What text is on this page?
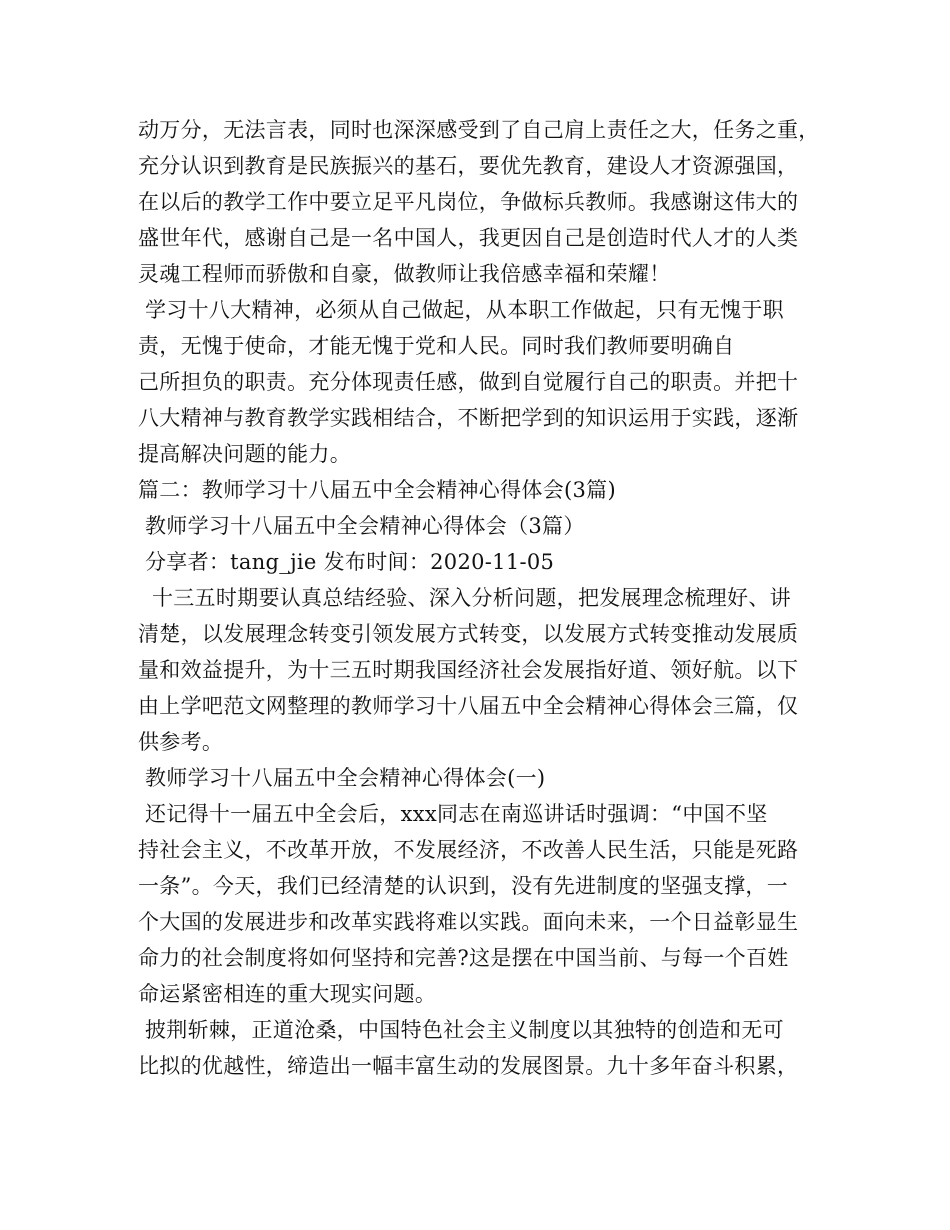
动万分，无法言表，同时也深深感受到了自己肩上责任之大，任务之重，
充分认识到教育是民族振兴的基石，要优先教育，建设人才资源强国，
在以后的教学工作中要立足平凡岗位，争做标兵教师。我感谢这伟大的
盛世年代，感谢自己是一名中国人，我更因自己是创造时代人才的人类
灵魂工程师而骄傲和自豪，做教师让我倍感幸福和荣耀！
学习十八大精神，必须从自己做起，从本职工作做起，只有无愧于职
责，无愧于使命，才能无愧于党和人民。同时我们教师要明确自
己所担负的职责。充分体现责任感，做到自觉履行自己的职责。并把十
八大精神与教育教学实践相结合，不断把学到的知识运用于实践，逐渐
提高解决问题的能力。
篇二：教师学习十八届五中全会精神心得体会(3篇)
教师学习十八届五中全会精神心得体会（3篇）
分享者：tang_jie 发布时间：2020-11-05
十三五时期要认真总结经验、深入分析问题，把发展理念梳理好、讲
清楚，以发展理念转变引领发展方式转变，以发展方式转变推动发展质
量和效益提升，为十三五时期我国经济社会发展指好道、领好航。以下
由上学吧范文网整理的教师学习十八届五中全会精神心得体会三篇，仅
供参考。
教师学习十八届五中全会精神心得体会(一)
还记得十一届五中全会后，xxx同志在南巡讲话时强调：“中国不坚
持社会主义，不改革开放，不发展经济，不改善人民生活，只能是死路
一条”。今天，我们已经清楚的认识到，没有先进制度的坚强支撑，一
个大国的发展进步和改革实践将难以实践。面向未来，一个日益彰显生
命力的社会制度将如何坚持和完善?这是摆在中国当前、与每一个百姓
命运紧密相连的重大现实问题。
披荆斩棘，正道沧桑，中国特色社会主义制度以其独特的创造和无可
比拟的优越性，缔造出一幅丰富生动的发展图景。九十多年奋斗积累，
